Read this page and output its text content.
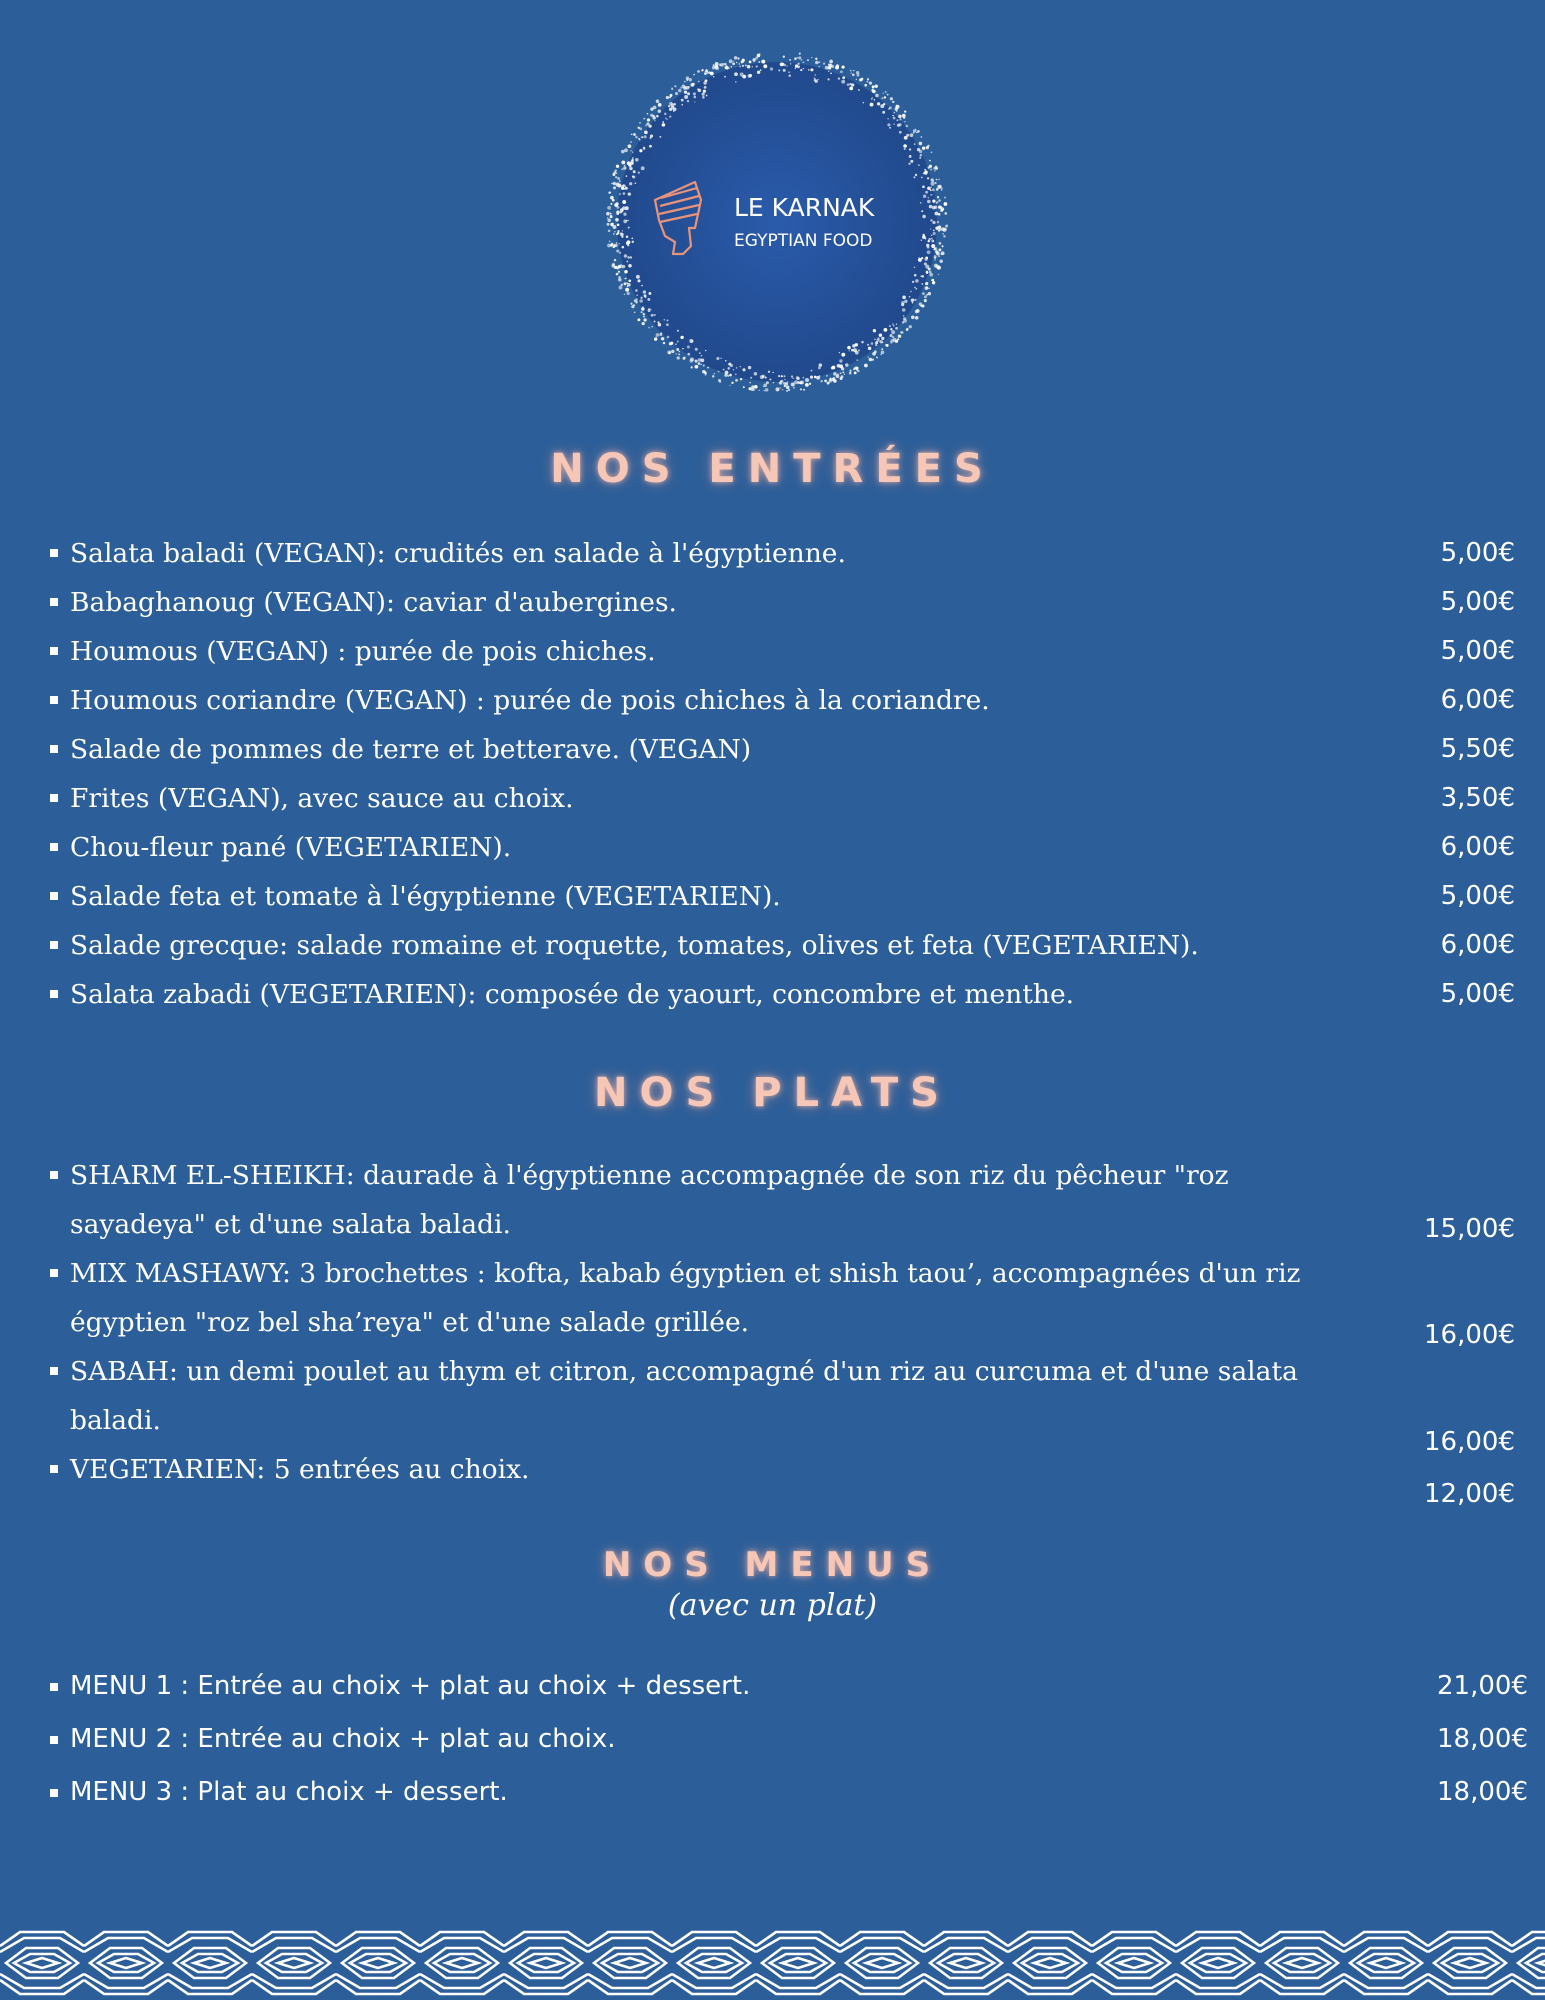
LE KARNAK
EGYPTIAN FOOD
NOS ENTRÉES
Salata baladi (VEGAN): crudités en salade à l'égyptienne.
Babaghanoug (VEGAN): caviar d'aubergines.
Houmous (VEGAN) : purée de pois chiches.
Houmous coriandre (VEGAN) : purée de pois chiches à la coriandre.
Salade de pommes de terre et betterave. (VEGAN)
Frites (VEGAN), avec sauce au choix.
Chou-fleur pané (VEGETARIEN).
Salade feta et tomate à l'égyptienne (VEGETARIEN).
Salade grecque: salade romaine et roquette, tomates, olives et feta (VEGETARIEN).
Salata zabadi (VEGETARIEN): composée de yaourt, concombre et menthe.
5,00€
5,00€
5,00€
6,00€
5,50€
3,50€
6,00€
5,00€
6,00€
5,00€
NOS PLATS
SHARM EL-SHEIKH: daurade à l'égyptienne accompagnée de son riz du pêcheur "roz sayadeya" et d'une salata baladi.
MIX MASHAWY: 3 brochettes : kofta, kabab égyptien et shish taou’, accompagnées d'un riz égyptien "roz bel sha’reya" et d'une salade grillée.
SABAH: un demi poulet au thym et citron, accompagné d'un riz au curcuma et d'une salata baladi.
VEGETARIEN: 5 entrées au choix.
15,00€
16,00€
16,00€
12,00€
NOS MENUS

(avec un plat)

MENU 1 : Entrée au choix + plat au choix + dessert.
MENU 2 : Entrée au choix + plat au choix.
MENU 3 : Plat au choix + dessert.
21,00€
18,00€
18,00€
